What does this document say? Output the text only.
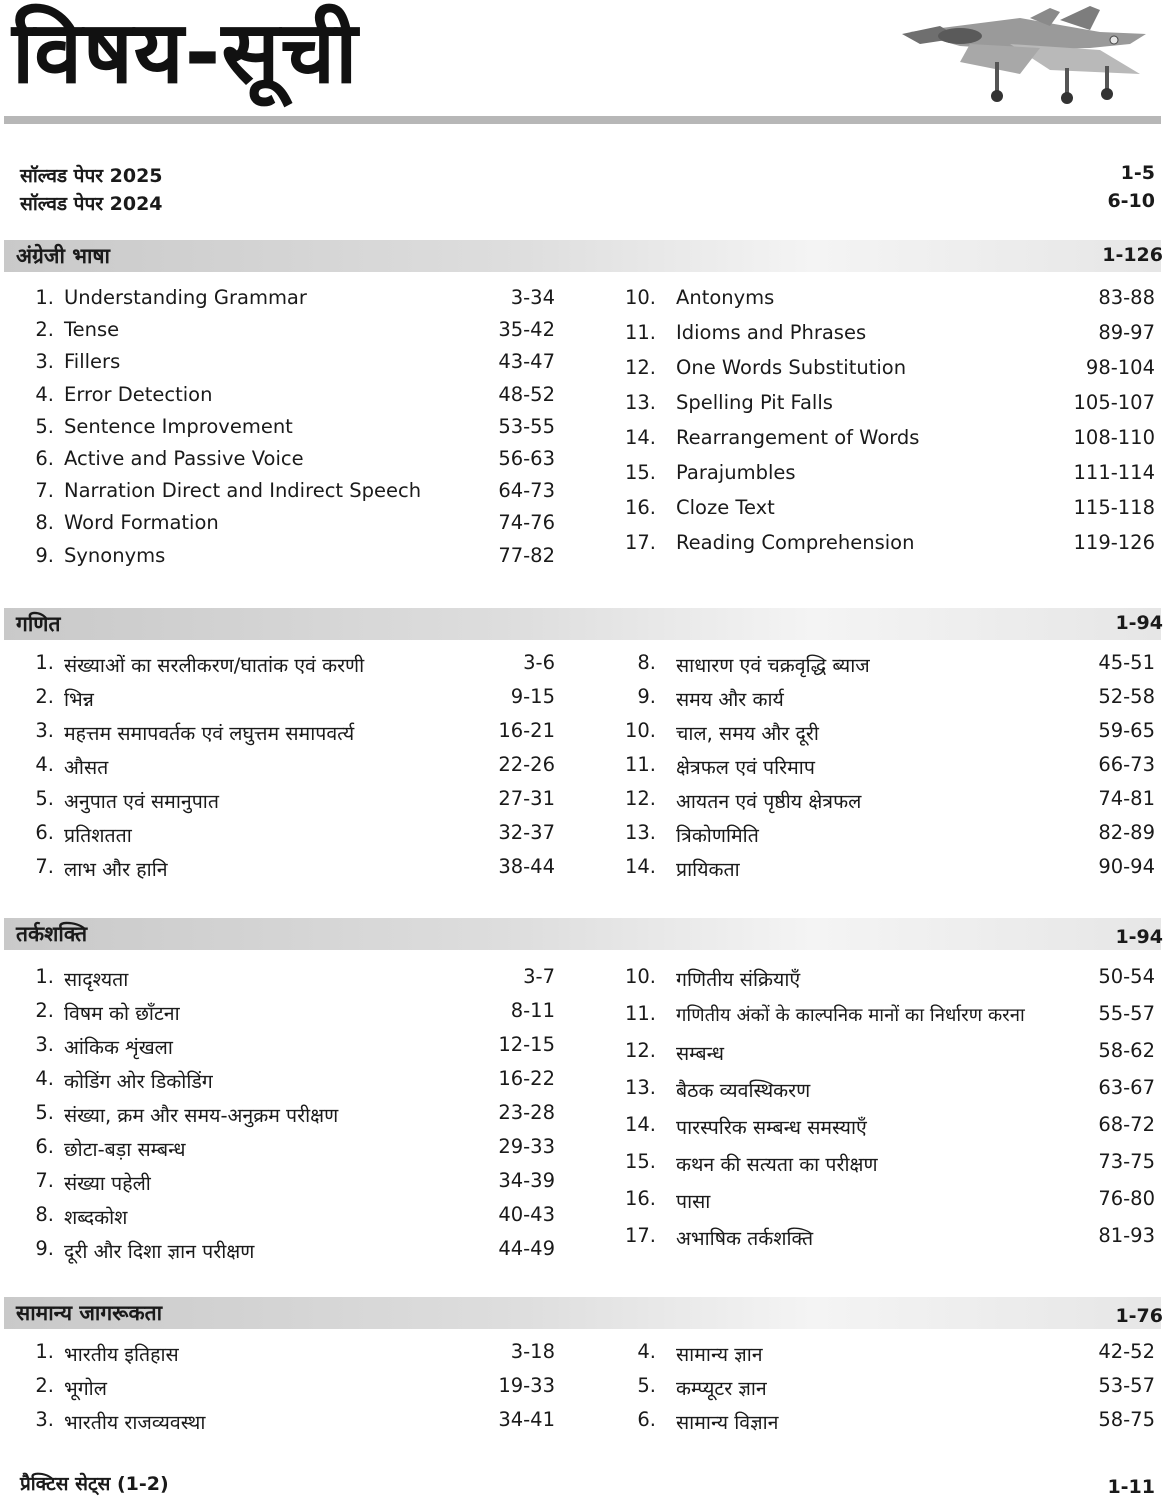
विषय-सूची
सॉल्वड पेपर 2025	1-5
सॉल्वड पेपर 2024	6-10
अंग्रेजी भाषा	1-126
1. Understanding Grammar	3-34
2. Tense	35-42
3. Fillers	43-47
4. Error Detection	48-52
5. Sentence Improvement	53-55
6. Active and Passive Voice	56-63
7. Narration Direct and Indirect Speech	64-73
8. Word Formation	74-76
9. Synonyms	77-82
10. Antonyms	83-88
11. Idioms and Phrases	89-97
12. One Words Substitution	98-104
13. Spelling Pit Falls	105-107
14. Rearrangement of Words	108-110
15. Parajumbles	111-114
16. Cloze Text	115-118
17. Reading Comprehension	119-126
गणित	1-94
1. संख्याओं का सरलीकरण/घातांक एवं करणी	3-6
2. भिन्न	9-15
3. महत्तम समापवर्तक एवं लघुत्तम समापवर्त्य	16-21
4. औसत	22-26
5. अनुपात एवं समानुपात	27-31
6. प्रतिशतता	32-37
7. लाभ और हानि	38-44
8. साधारण एवं चक्रवृद्धि ब्याज	45-51
9. समय और कार्य	52-58
10. चाल, समय और दूरी	59-65
11. क्षेत्रफल एवं परिमाप	66-73
12. आयतन एवं पृष्ठीय क्षेत्रफल	74-81
13. त्रिकोणमिति	82-89
14. प्रायिकता	90-94
तर्कशक्ति	1-94
1. सादृश्यता	3-7
2. विषम को छाँटना	8-11
3. आंकिक शृंखला	12-15
4. कोडिंग ओर डिकोडिंग	16-22
5. संख्या, क्रम और समय-अनुक्रम परीक्षण	23-28
6. छोटा-बड़ा सम्बन्ध	29-33
7. संख्या पहेली	34-39
8. शब्दकोश	40-43
9. दूरी और दिशा ज्ञान परीक्षण	44-49
10. गणितीय संक्रियाएँ	50-54
11. गणितीय अंकों के काल्पनिक मानों का निर्धारण करना	55-57
12. सम्बन्ध	58-62
13. बैठक व्यवस्थिकरण	63-67
14. पारस्परिक सम्बन्ध समस्याएँ	68-72
15. कथन की सत्यता का परीक्षण	73-75
16. पासा	76-80
17. अभाषिक तर्कशक्ति	81-93
सामान्य जागरूकता	1-76
1. भारतीय इतिहास	3-18
2. भूगोल	19-33
3. भारतीय राजव्यवस्था	34-41
4. सामान्य ज्ञान	42-52
5. कम्प्यूटर ज्ञान	53-57
6. सामान्य विज्ञान	58-75
प्रैक्टिस सेट्स (1-2)	1-11
